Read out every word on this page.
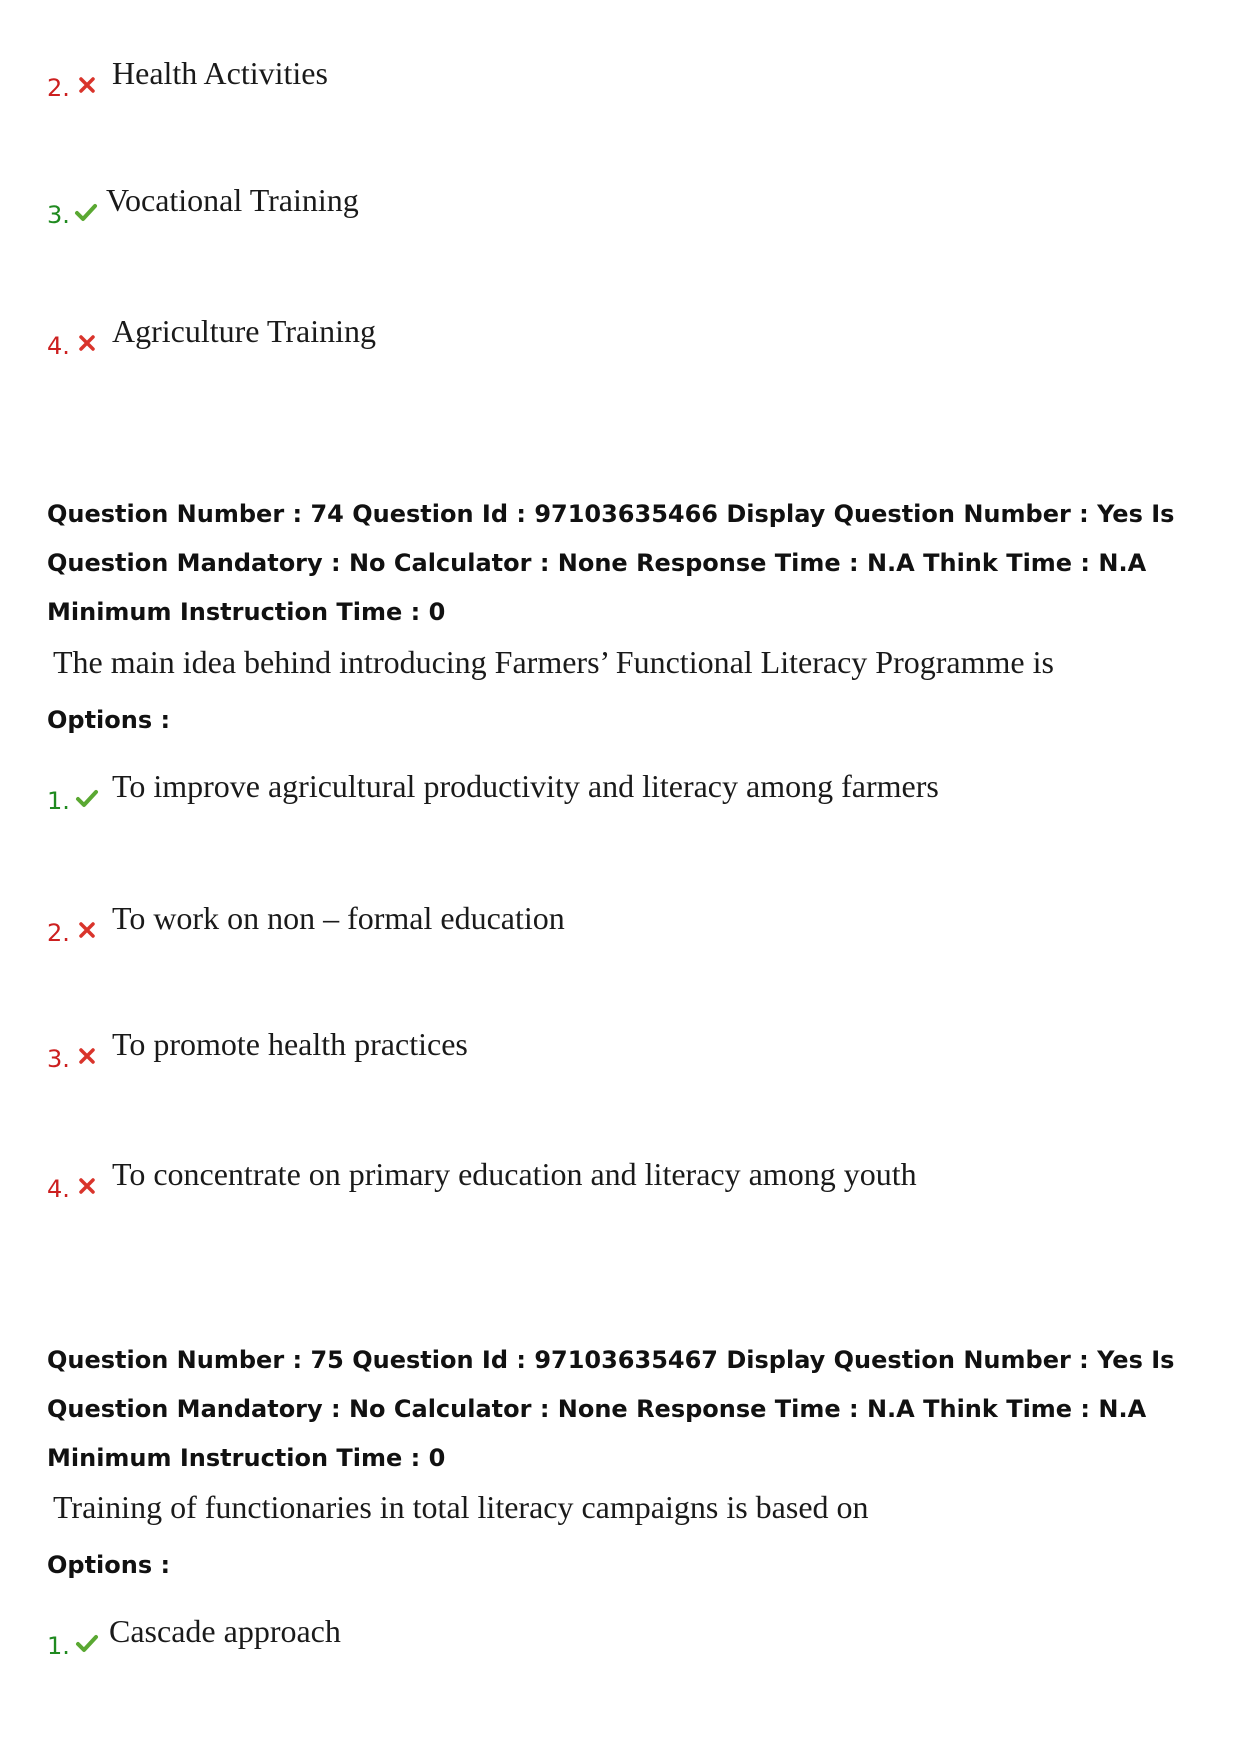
2. Health Activities
3. Vocational Training
4. Agriculture Training
Question Number : 74 Question Id : 97103635466 Display Question Number : Yes Is Question Mandatory : No Calculator : None Response Time : N.A Think Time : N.A Minimum Instruction Time : 0
The main idea behind introducing Farmers’ Functional Literacy Programme is
Options :
1. To improve agricultural productivity and literacy among farmers
2. To work on non – formal education
3. To promote health practices
4. To concentrate on primary education and literacy among youth
Question Number : 75 Question Id : 97103635467 Display Question Number : Yes Is Question Mandatory : No Calculator : None Response Time : N.A Think Time : N.A Minimum Instruction Time : 0
Training of functionaries in total literacy campaigns is based on
Options :
1. Cascade approach
